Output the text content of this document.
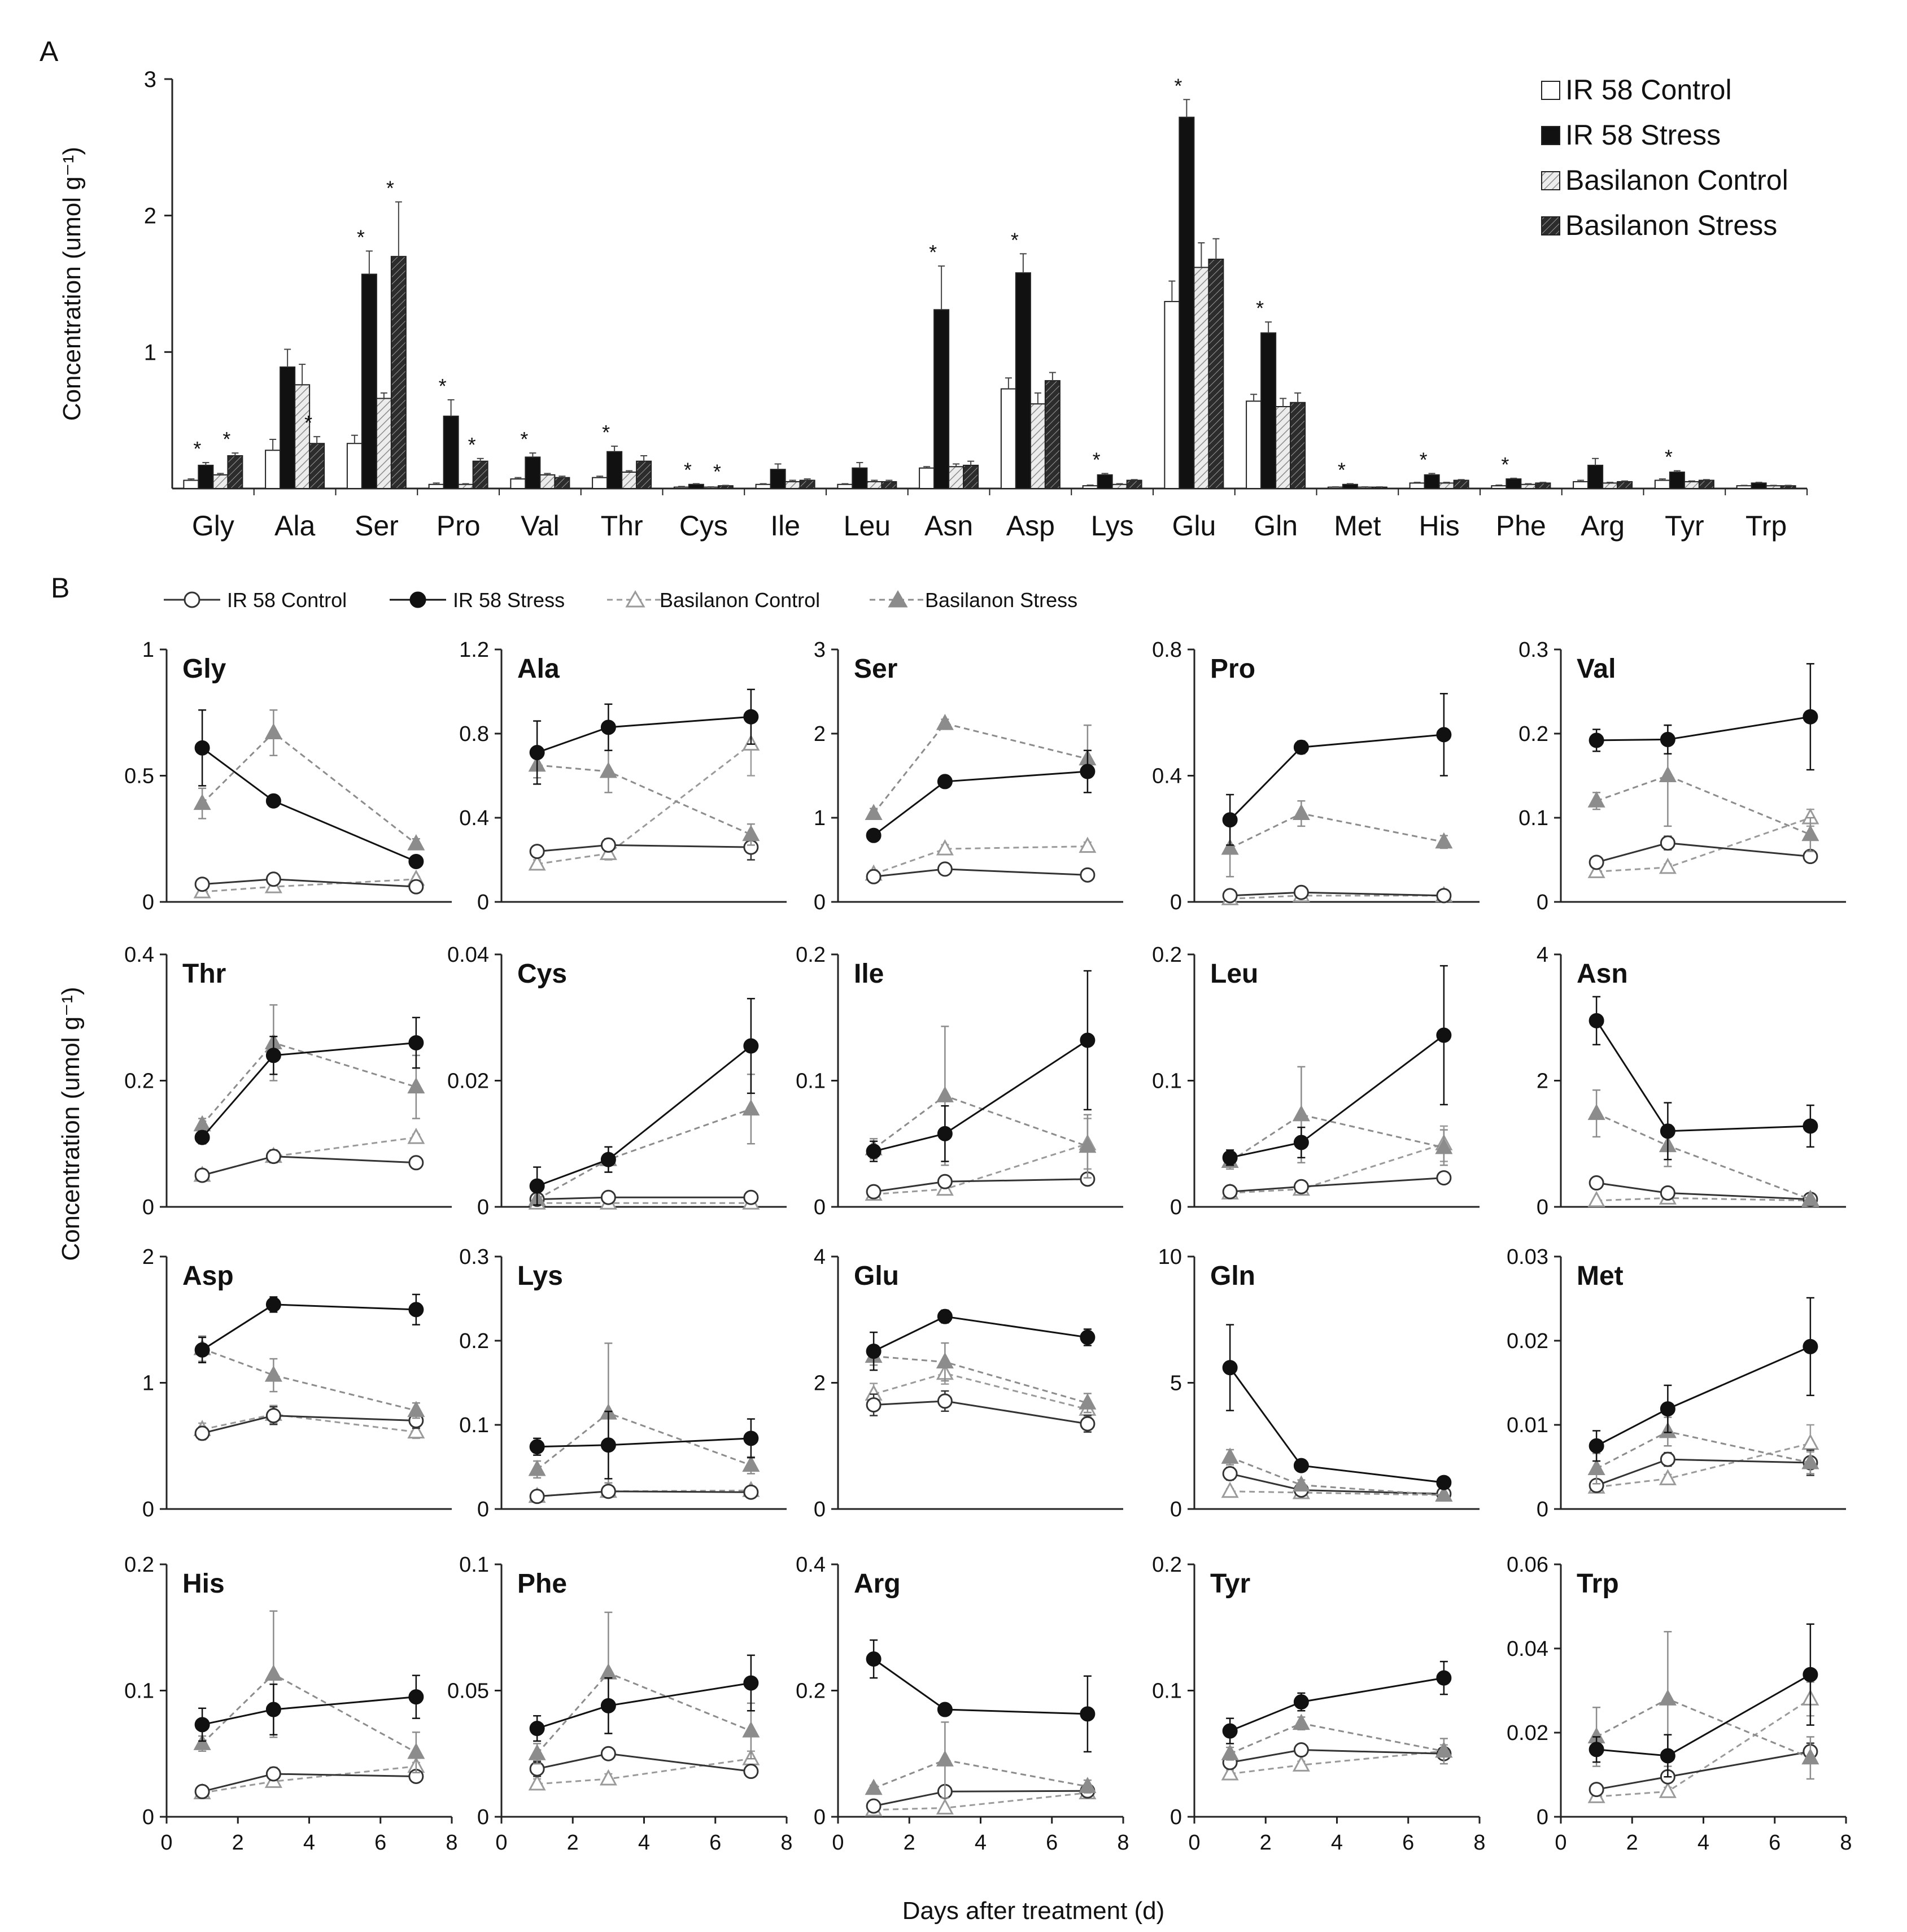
A
B
1
2
3
Concentration (umol g⁻¹)
Gly
* *
Ala
*
Ser
*
*
Pro
*
*
Val
*
Thr
*
Cys
* *
Ile Leu Asn
*
Asp
*
Lys
*
Glu
*
Gln
*
Met
*
His
*
Phe
*
Arg Tyr
*
Trp
IR 58 Control
IR 58 Stress
Basilanon Control
Basilanon Stress
IR 58 Control	IR 58 Stress	Basilanon Control	Basilanon Stress
0
0.5
1
Gly
0
0.4
0.8
1.2
Ala
0
1
2
3
Ser
0
0.4
0.8
Pro
0
0.1
0.2
0.3
Val
0
0.2
0.4
Thr
0
0.02
0.04
Cys
0
0.1
0.2
Ile
0
0.1
0.2
Leu
0
2
4
Asn
0
1
2
Asp
0
0.1
0.2
0.3
Lys
0
2
4
Glu
0
5
10
Gln
0
0.01
0.02
0.03
Met
0
0.1
0.2
0	2	4	6	8
His
0
0.05
0.1
0	2	4	6	8
Phe
0
0.2
0.4
0	2	4	6	8
Arg
0
0.1
0.2
0	2	4	6	8
Tyr
0
0.02
0.04
0.06
0	2	4	6	8
Trp
Concentration (umol g⁻¹)
Days after treatment (d)
